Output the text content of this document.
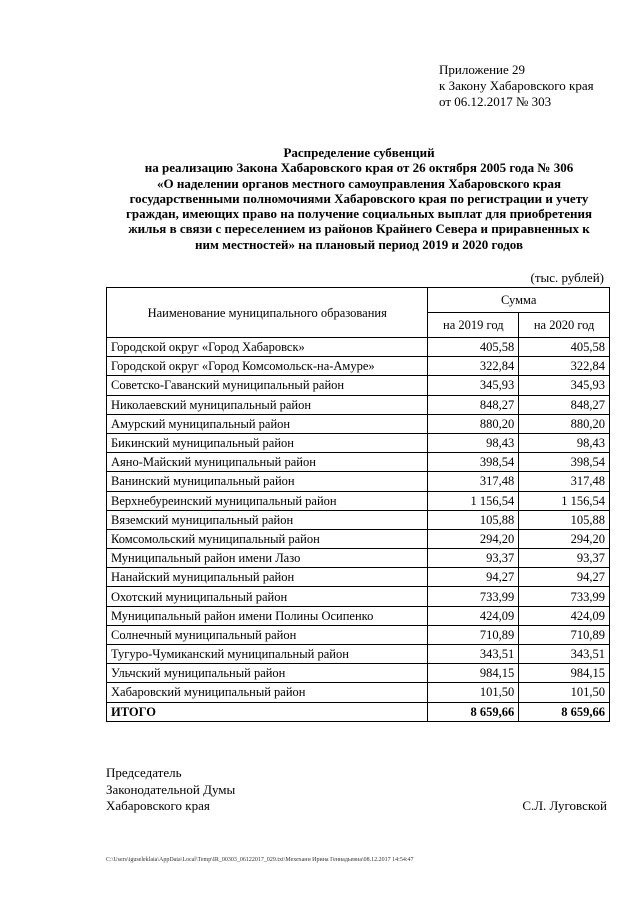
Приложение 29
к Закону Хабаровского края
от 06.12.2017 № 303
Распределение субвенций
на реализацию Закона Хабаровского края от 26 октября 2005 года № 306
«О наделении органов местного самоуправления Хабаровского края
государственными полномочиями Хабаровского края по регистрации и учету
граждан, имеющих право на получение социальных выплат для приобретения
жилья в связи с переселением из районов Крайнего Севера и приравненных к
ним местностей» на плановый период 2019 и 2020 годов
(тыс. рублей)
Наименование муниципального образования	Сумма	
	на 2019 год	на 2020 год
Городской округ «Город Хабаровск»	405,58	405,58
Городской округ «Город Комсомольск-на-Амуре»	322,84	322,84
Советско-Гаванский муниципальный район	345,93	345,93
Николаевский муниципальный район	848,27	848,27
Амурский муниципальный район	880,20	880,20
Бикинский муниципальный район	98,43	98,43
Аяно-Майский муниципальный район	398,54	398,54
Ванинский муниципальный район	317,48	317,48
Верхнебуреинский муниципальный район	1 156,54	1 156,54
Вяземский муниципальный район	105,88	105,88
Комсомольский муниципальный район	294,20	294,20
Муниципальный район имени Лазо	93,37	93,37
Нанайский муниципальный район	94,27	94,27
Охотский муниципальный район	733,99	733,99
Муниципальный район имени Полины Осипенко	424,09	424,09
Солнечный муниципальный район	710,89	710,89
Тугуро-Чумиканский муниципальный район	343,51	343,51
Ульчский муниципальный район	984,15	984,15
Хабаровский муниципальный район	101,50	101,50
ИТОГО	8 659,66	8 659,66
Председатель
Законодательной Думы
Хабаровского края	С.Л. Луговской
C:\Users\iguseleklaia\AppData\Local\Temp\IR_00303_06122017_029.txt\Мехеханн Ирина Геннадьевна\08.12.2017 14:54:47
